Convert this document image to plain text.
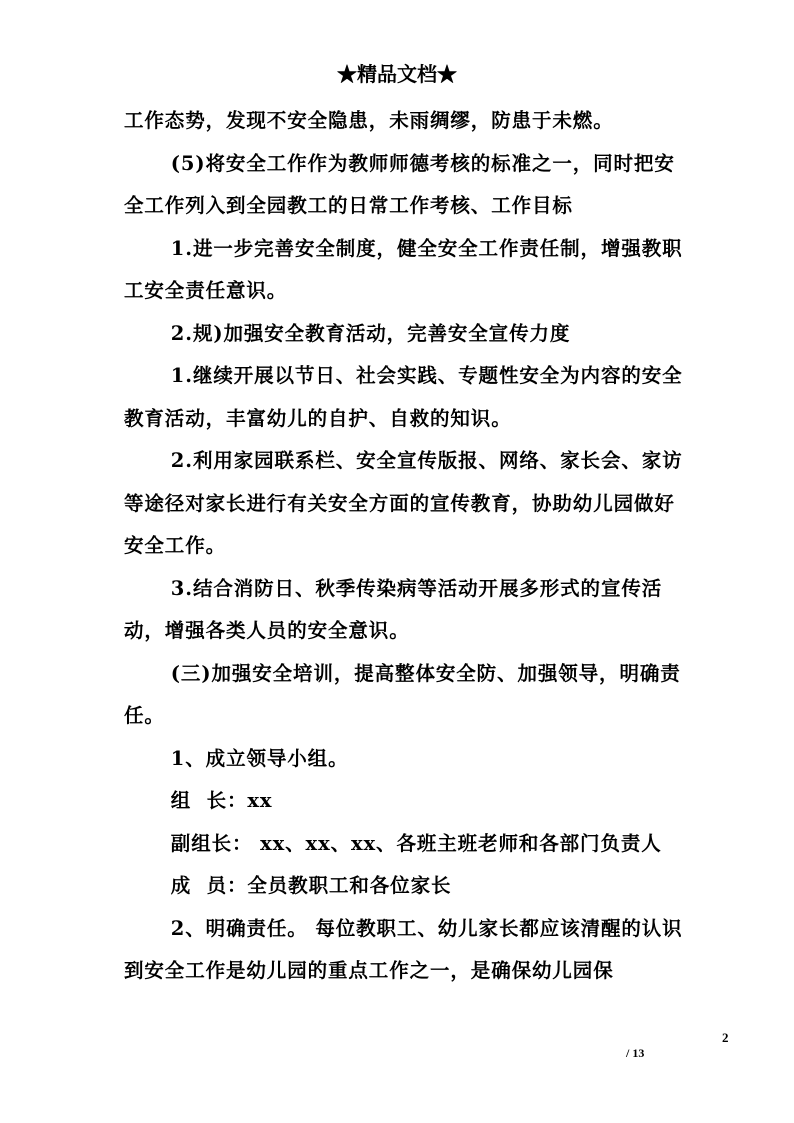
★精品文档★

工作态势，发现不安全隐患，未雨绸缪，防患于未燃。

(5)将安全工作作为教师师德考核的标准之一，同时把安全工作列入到全园教工的日常工作考核、工作目标

1.进一步完善安全制度，健全安全工作责任制，增强教职工安全责任意识。

2.规)加强安全教育活动，完善安全宣传力度

1.继续开展以节日、社会实践、专题性安全为内容的安全教育活动，丰富幼儿的自护、自救的知识。

2.利用家园联系栏、安全宣传版报、网络、家长会、家访等途径对家长进行有关安全方面的宣传教育，协助幼儿园做好安全工作。

3.结合消防日、秋季传染病等活动开展多形式的宣传活动，增强各类人员的安全意识。

(三)加强安全培训，提高整体安全防、加强领导，明确责任。

1、成立领导小组。

组  长：xx

副组长： xx、xx、xx、各班主班老师和各部门负责人

成  员：全员教职工和各位家长

2、明确责任。 每位教职工、幼儿家长都应该清醒的认识到安全工作是幼儿园的重点工作之一，是确保幼儿园保

2
/ 13
